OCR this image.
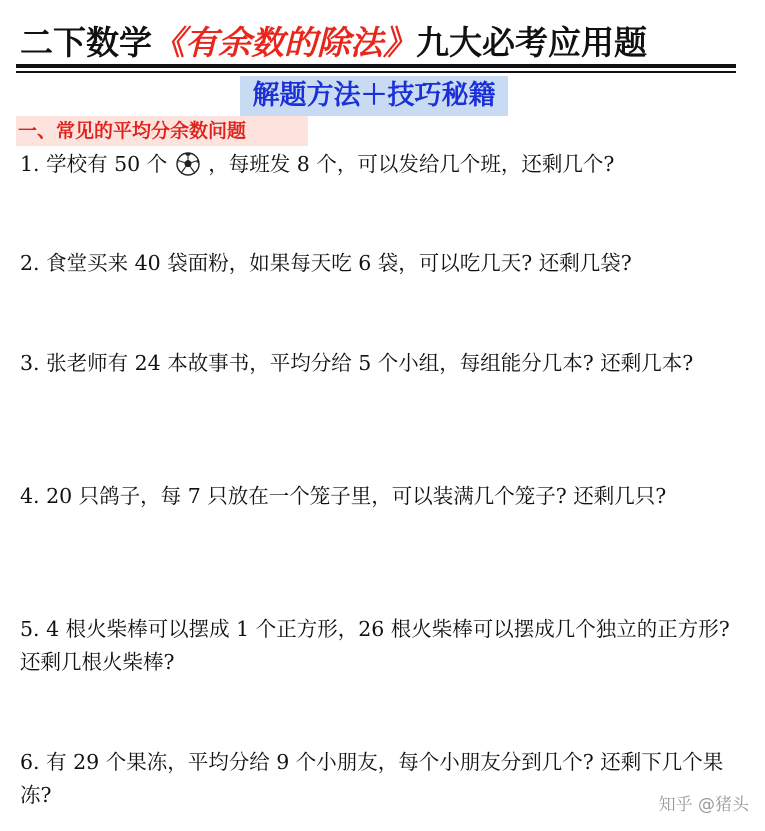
二下数学《有余数的除法》九大必考应用题
解题方法＋技巧秘籍
一、常见的平均分余数问题
1. 学校有 50 个 ，每班发 8 个，可以发给几个班，还剩几个?
2. 食堂买来 40 袋面粉，如果每天吃 6 袋，可以吃几天? 还剩几袋?
3. 张老师有 24 本故事书，平均分给 5 个小组，每组能分几本? 还剩几本?
4. 20 只鸽子，每 7 只放在一个笼子里，可以装满几个笼子? 还剩几只?
5. 4 根火柴棒可以摆成 1 个正方形，26 根火柴棒可以摆成几个独立的正方形? 还剩几根火柴棒?
6. 有 29 个果冻，平均分给 9 个小朋友，每个小朋友分到几个? 还剩下几个果冻?	知乎 @猪头
